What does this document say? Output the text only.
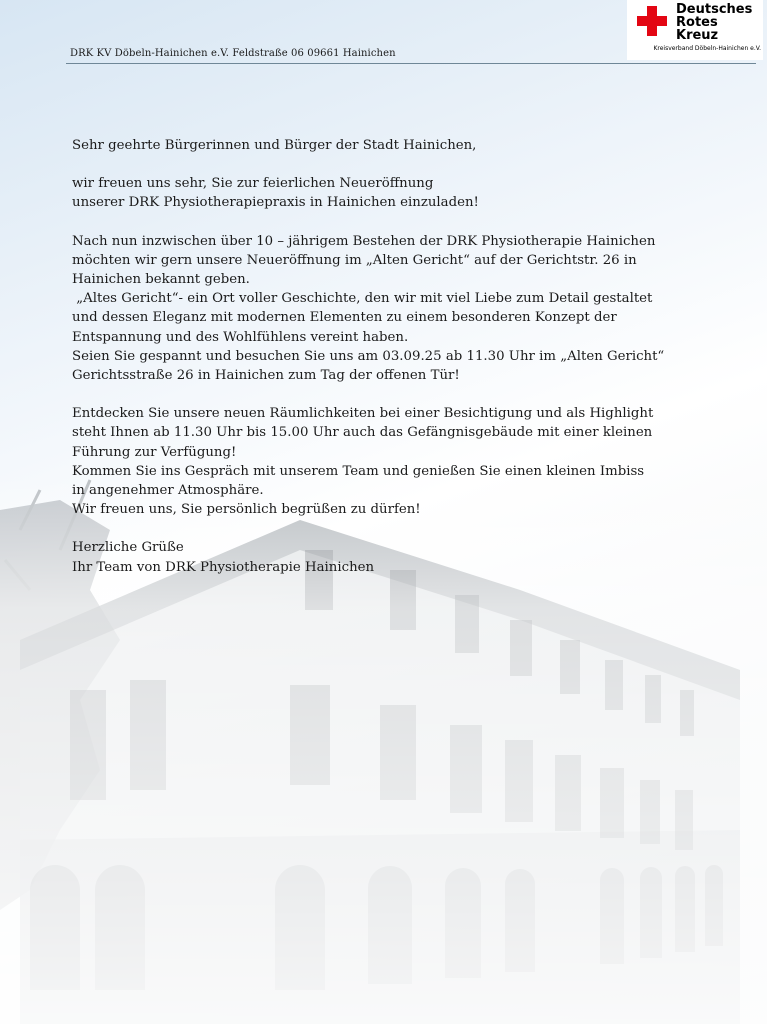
DRK KV Döbeln-Hainichen e.V. Feldstraße 06 09661 Hainichen
Deutsches
Rotes
Kreuz
Kreisverband Döbeln-Hainichen e.V.

Sehr geehrte Bürgerinnen und Bürger der Stadt Hainichen,

wir freuen uns sehr, Sie zur feierlichen Neueröffnung

unserer DRK Physiotherapiepraxis in Hainichen einzuladen!

Nach nun inzwischen über 10 – jährigem Bestehen der DRK Physiotherapie Hainichen

möchten wir gern unsere Neueröffnung im „Alten Gericht“ auf der Gerichtstr. 26 in

Hainichen bekannt geben.

„Altes Gericht“- ein Ort voller Geschichte, den wir mit viel Liebe zum Detail gestaltet

und dessen Eleganz mit modernen Elementen zu einem besonderen Konzept der

Entspannung und des Wohlfühlens vereint haben.

Seien Sie gespannt und besuchen Sie uns am 03.09.25 ab 11.30 Uhr im „Alten Gericht“

Gerichtsstraße 26 in Hainichen zum Tag der offenen Tür!

Entdecken Sie unsere neuen Räumlichkeiten bei einer Besichtigung und als Highlight

steht Ihnen ab 11.30 Uhr bis 15.00 Uhr auch das Gefängnisgebäude mit einer kleinen

Führung zur Verfügung!

Kommen Sie ins Gespräch mit unserem Team und genießen Sie einen kleinen Imbiss

in angenehmer Atmosphäre.

Wir freuen uns, Sie persönlich begrüßen zu dürfen!

Herzliche Grüße

Ihr Team von DRK Physiotherapie Hainichen
